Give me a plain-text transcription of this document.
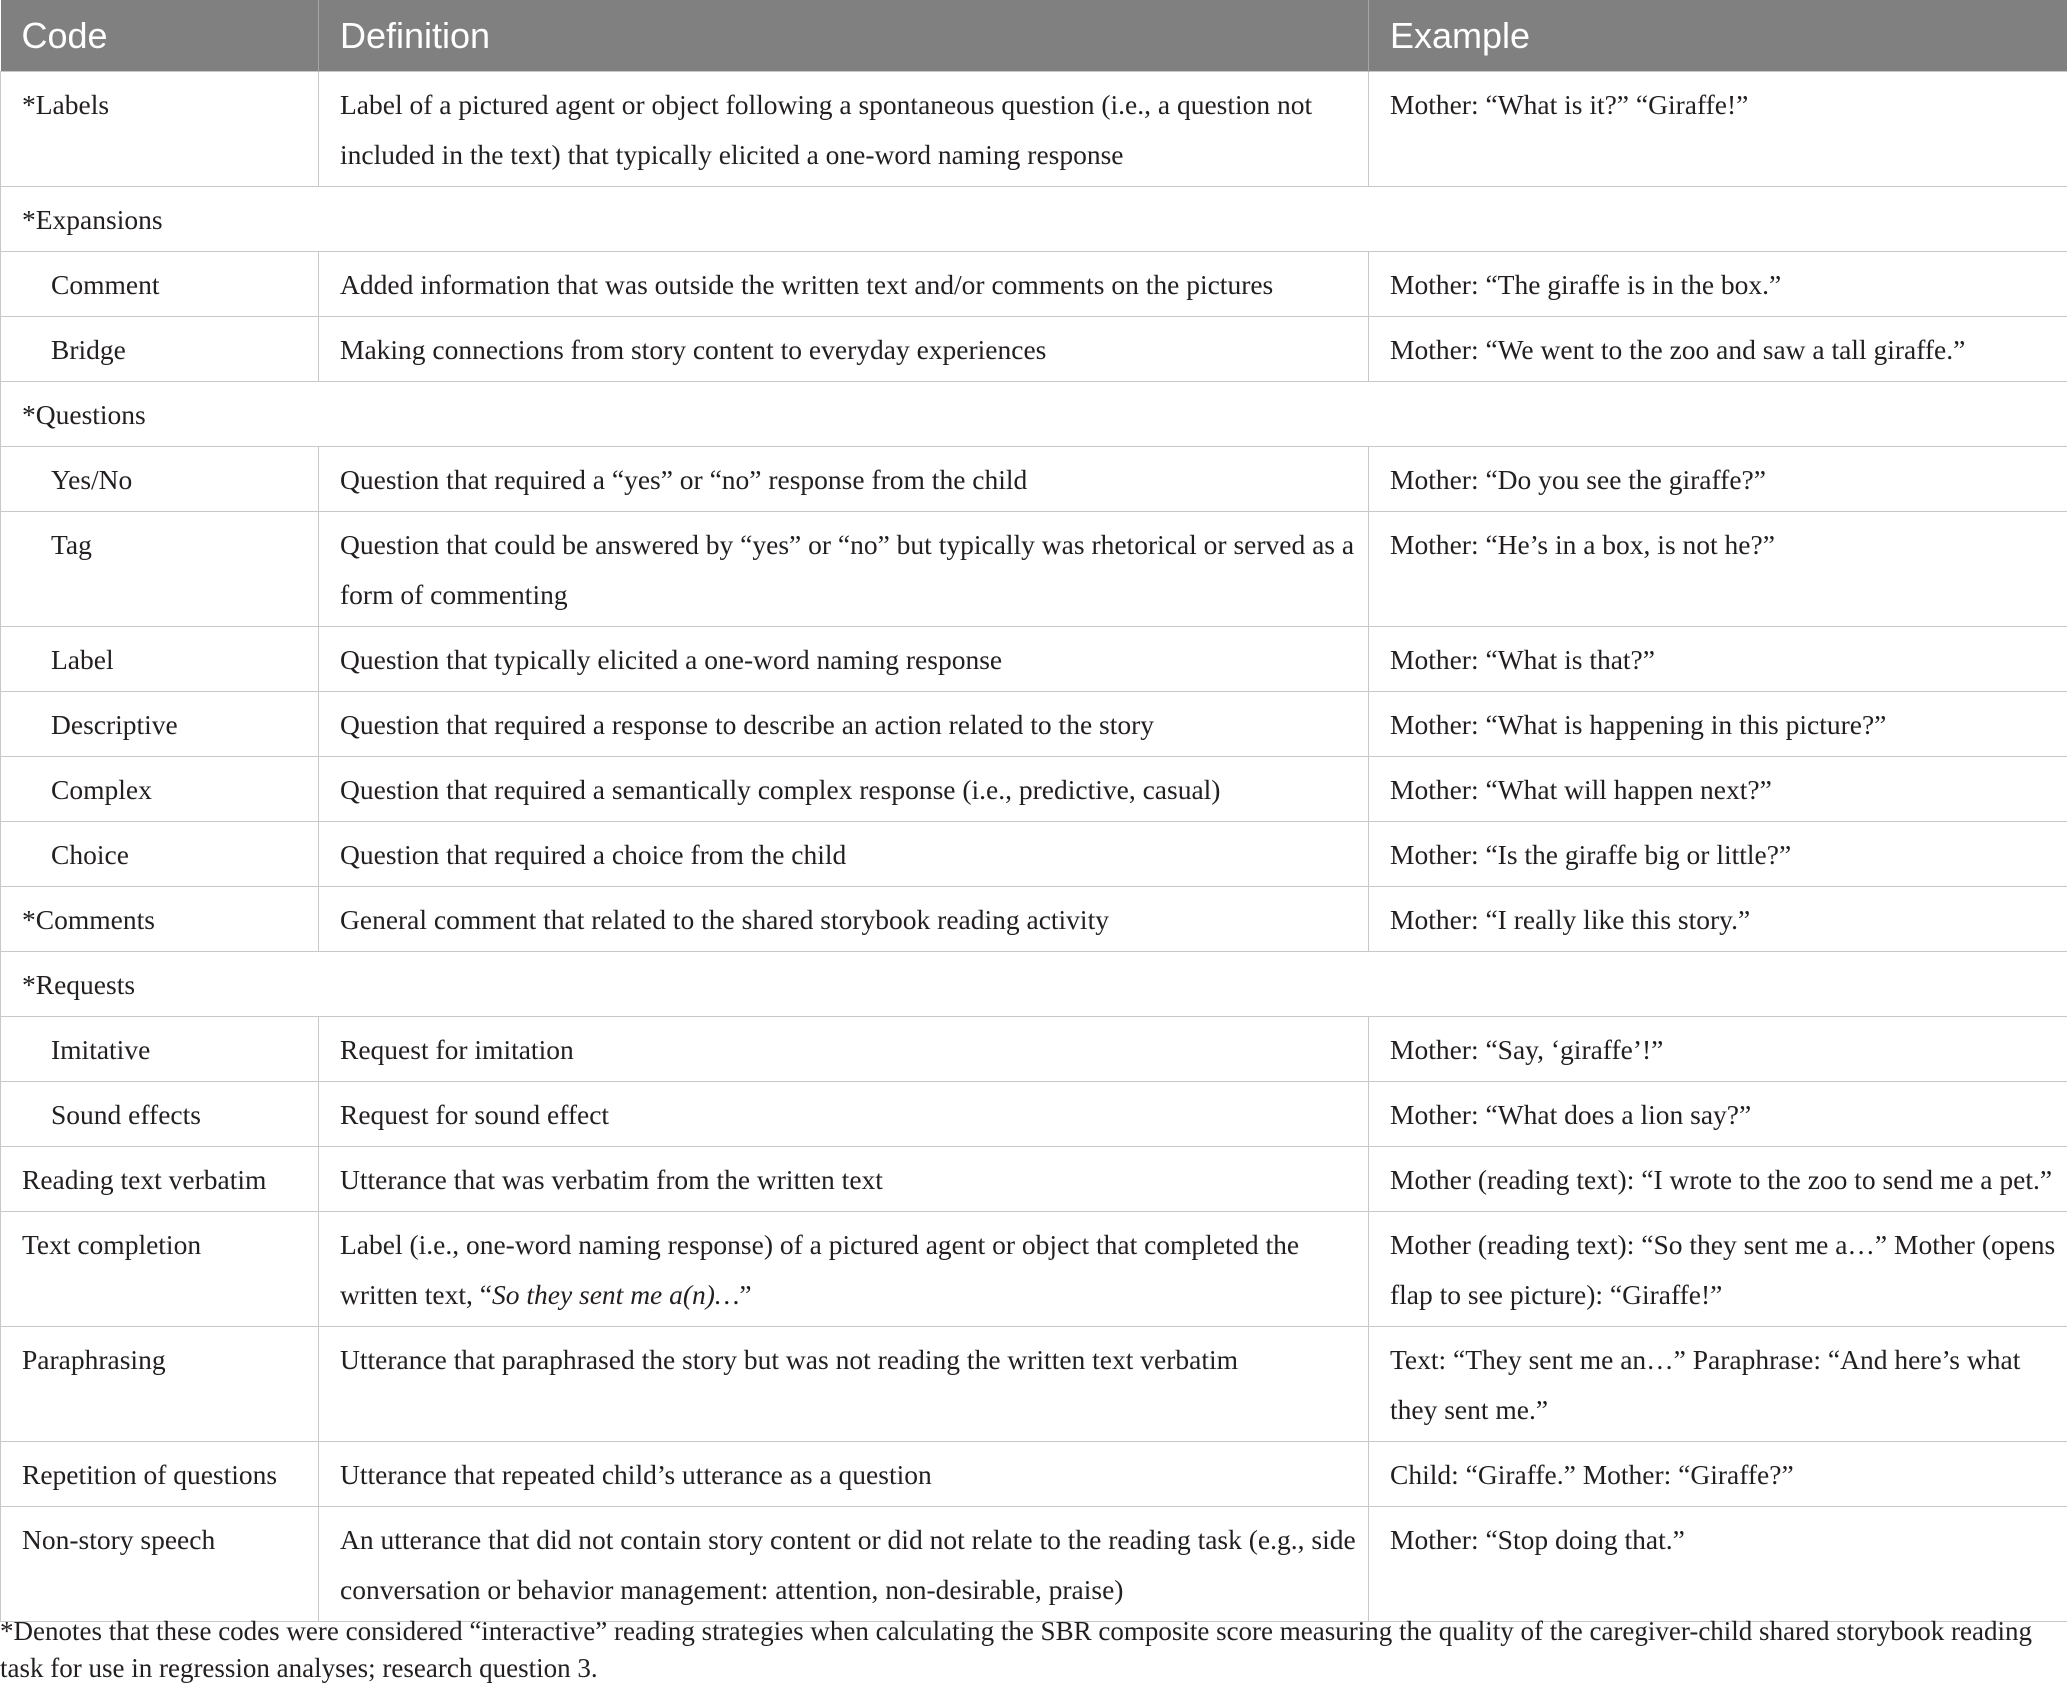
Code	Definition	Example
*Labels	Label of a pictured agent or object following a spontaneous question (i.e., a question not included in the text) that typically elicited a one-word naming response	Mother: “What is it?” “Giraffe!”
*Expansions		
Comment	Added information that was outside the written text and/or comments on the pictures	Mother: “The giraffe is in the box.”
Bridge	Making connections from story content to everyday experiences	Mother: “We went to the zoo and saw a tall giraffe.”
*Questions		
Yes/No	Question that required a “yes” or “no” response from the child	Mother: “Do you see the giraffe?”
Tag	Question that could be answered by “yes” or “no” but typically was rhetorical or served as a form of commenting	Mother: “He’s in a box, is not he?”
Label	Question that typically elicited a one-word naming response	Mother: “What is that?”
Descriptive	Question that required a response to describe an action related to the story	Mother: “What is happening in this picture?”
Complex	Question that required a semantically complex response (i.e., predictive, casual)	Mother: “What will happen next?”
Choice	Question that required a choice from the child	Mother: “Is the giraffe big or little?”
*Comments	General comment that related to the shared storybook reading activity	Mother: “I really like this story.”
*Requests		
Imitative	Request for imitation	Mother: “Say, ‘giraffe’!”
Sound effects	Request for sound effect	Mother: “What does a lion say?”
Reading text verbatim	Utterance that was verbatim from the written text	Mother (reading text): “I wrote to the zoo to send me a pet.”
Text completion	Label (i.e., one-word naming response) of a pictured agent or object that completed the written text, “So they sent me a(n)…”	Mother (reading text): “So they sent me a…” Mother (opens flap to see picture): “Giraffe!”
Paraphrasing	Utterance that paraphrased the story but was not reading the written text verbatim	Text: “They sent me an…” Paraphrase: “And here’s what they sent me.”
Repetition of questions	Utterance that repeated child’s utterance as a question	Child: “Giraffe.” Mother: “Giraffe?”
Non-story speech	An utterance that did not contain story content or did not relate to the reading task (e.g., side conversation or behavior management: attention, non-desirable, praise)	Mother: “Stop doing that.”
*Denotes that these codes were considered “interactive” reading strategies when calculating the SBR composite score measuring the quality of the caregiver-child shared storybook reading task for use in regression analyses; research question 3.
